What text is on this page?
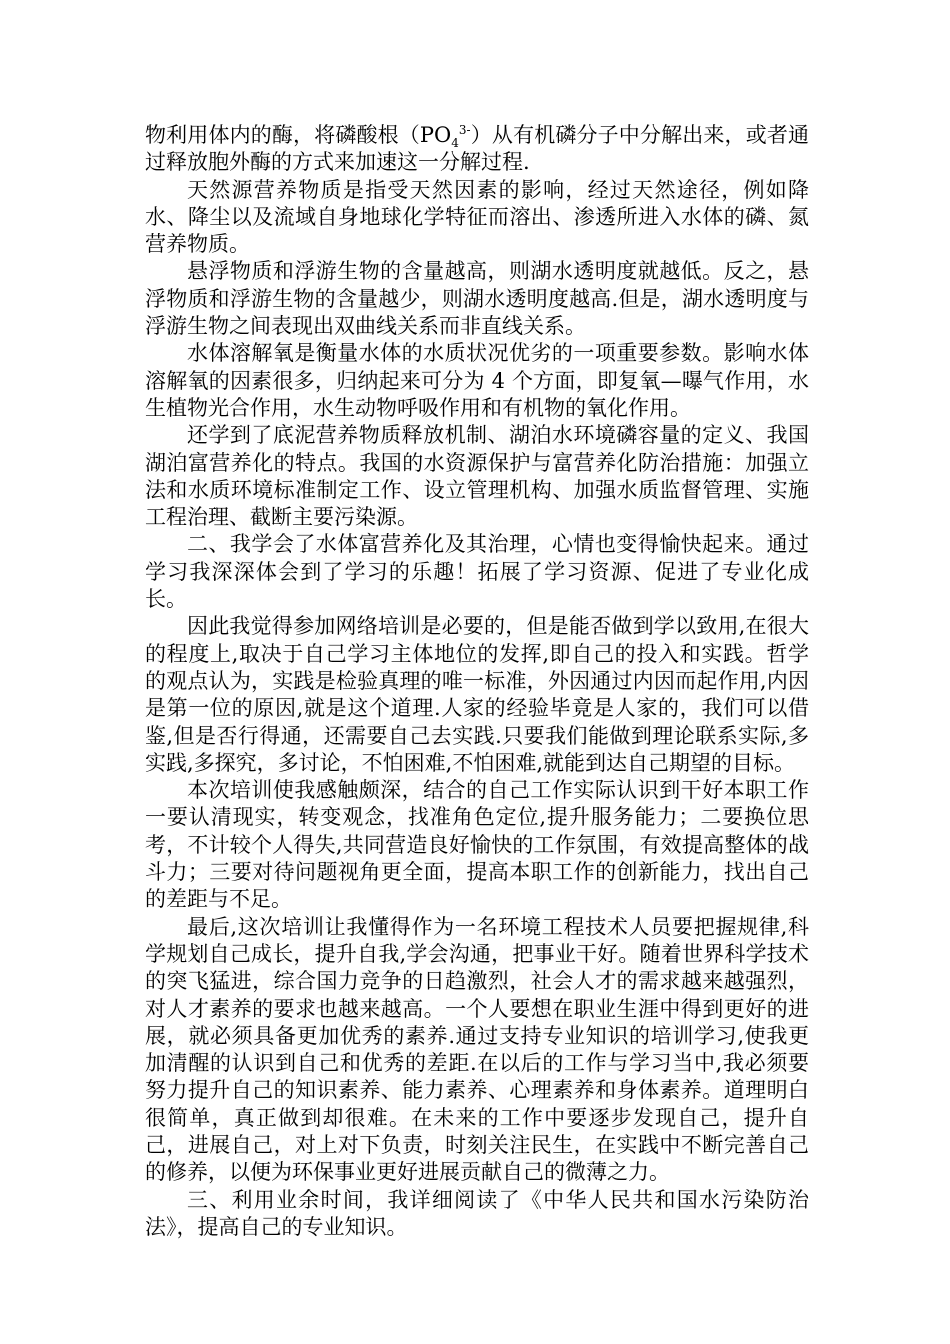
物利用体内的酶，将磷酸根$(PO_4^{3-})$从有机磷分子中分解出来，或者通过释放胞外酶的方式来加速这一分解过程.

天然源营养物质是指受天然因素的影响，经过天然途径，例如降水、降尘以及流域自身地球化学特征而溶出、渗透所进入水体的磷、氮营养物质。

悬浮物质和浮游生物的含量越高，则湖水透明度就越低。反之，悬浮物质和浮游生物的含量越少，则湖水透明度越高.但是，湖水透明度与浮游生物之间表现出双曲线关系而非直线关系。

水体溶解氧是衡量水体的水质状况优劣的一项重要参数。影响水体溶解氧的因素很多，归纳起来可分为 4 个方面，即复氧—曝气作用，水生植物光合作用，水生动物呼吸作用和有机物的氧化作用。

还学到了底泥营养物质释放机制、湖泊水环境磷容量的定义、我国湖泊富营养化的特点。我国的水资源保护与富营养化防治措施：加强立法和水质环境标准制定工作、设立管理机构、加强水质监督管理、实施工程治理、截断主要污染源。

二、我学会了水体富营养化及其治理，心情也变得愉快起来。通过学习我深深体会到了学习的乐趣！拓展了学习资源、促进了专业化成长。

因此我觉得参加网络培训是必要的，但是能否做到学以致用,在很大的程度上,取决于自己学习主体地位的发挥,即自己的投入和实践。哲学的观点认为，实践是检验真理的唯一标准，外因通过内因而起作用,内因是第一位的原因,就是这个道理.人家的经验毕竟是人家的，我们可以借鉴,但是否行得通，还需要自己去实践.只要我们能做到理论联系实际,多实践,多探究，多讨论，不怕困难,不怕困难,就能到达自己期望的目标。

本次培训使我感触颇深，结合的自己工作实际认识到干好本职工作一要认清现实，转变观念，找准角色定位,提升服务能力；二要换位思考，不计较个人得失,共同营造良好愉快的工作氛围，有效提高整体的战斗力；三要对待问题视角更全面，提高本职工作的创新能力，找出自己的差距与不足。

最后,这次培训让我懂得作为一名环境工程技术人员要把握规律,科学规划自己成长，提升自我,学会沟通，把事业干好。随着世界科学技术的突飞猛进，综合国力竞争的日趋激烈，社会人才的需求越来越强烈，对人才素养的要求也越来越高。一个人要想在职业生涯中得到更好的进展，就必须具备更加优秀的素养.通过支持专业知识的培训学习,使我更加清醒的认识到自己和优秀的差距.在以后的工作与学习当中,我必须要努力提升自己的知识素养、能力素养、心理素养和身体素养。道理明白很简单，真正做到却很难。在未来的工作中要逐步发现自己，提升自己，进展自己，对上对下负责，时刻关注民生，在实践中不断完善自己的修养，以便为环保事业更好进展贡献自己的微薄之力。

三、利用业余时间，我详细阅读了《中华人民共和国水污染防治法》，提高自己的专业知识。
